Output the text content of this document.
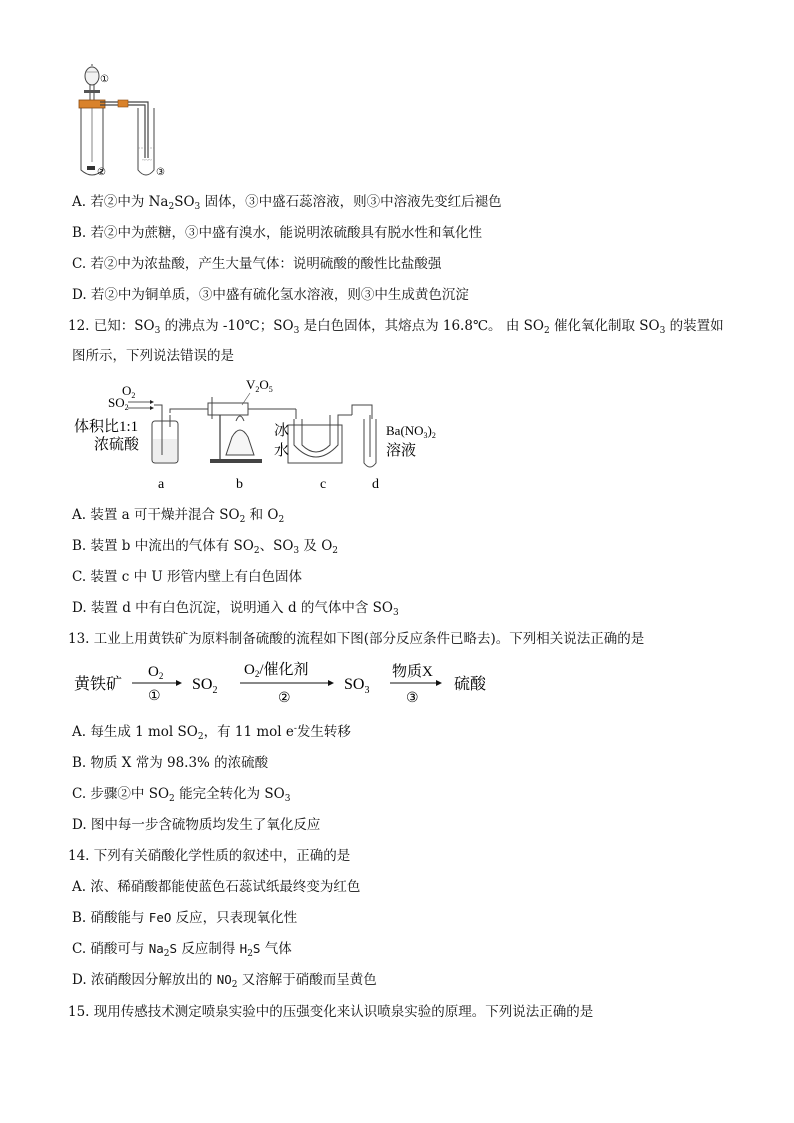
~~~
①
②	③
A. 若②中为 $Na_2SO_3$ 固体，③中盛石蕊溶液，则③中溶液先变红后褪色
B. 若②中为蔗糖，③中盛有溴水，能说明浓硫酸具有脱水性和氧化性
C. 若②中为浓盐酸，产生大量气体：说明硫酸的酸性比盐酸强
D. 若②中为铜单质，③中盛有硫化氢水溶液，则③中生成黄色沉淀
12. 已知：$SO_3$ 的沸点为 -10℃；$SO_3$ 是白色固体，其熔点为 16.8℃。 由 $SO_2$ 催化氧化制取 $SO_3$ 的装置如
图所示，下列说法错误的是
$O_2$
$SO_2$
体积比1:1
浓硫酸
$V_2O_5$
冰
水
$Ba(NO_3)_2$
溶液
a	b	c	d
A. 装置 a 可干燥并混合 $SO_2$ 和 $O_2$
B. 装置 b 中流出的气体有 $SO_2$、$SO_3$ 及 $O_2$
C. 装置 c 中 U 形管内壁上有白色固体
D. 装置 d 中有白色沉淀，说明通入 d 的气体中含 $SO_3$
13. 工业上用黄铁矿为原料制备硫酸的流程如下图(部分反应条件已略去)。下列相关说法正确的是
黄铁矿
$O_2$
①
$SO_2$
$O_2/$催化剂
②
$SO_3$
物质X
③
硫酸
A. 每生成 1 mol $SO_2$，有 11 mol e-发生转移
B. 物质 X 常为 98.3% 的浓硫酸
C. 步骤②中 $SO_2$ 能完全转化为 $SO_3$
D. 图中每一步含硫物质均发生了氧化反应
14. 下列有关硝酸化学性质的叙述中，正确的是
A. 浓、稀硝酸都能使蓝色石蕊试纸最终变为红色
B. 硝酸能与 FeO 反应，只表现氧化性
C. 硝酸可与 $Na_2S$ 反应制得 $H_2S$ 气体
D. 浓硝酸因分解放出的 $NO_2$ 又溶解于硝酸而呈黄色
15. 现用传感技术测定喷泉实验中的压强变化来认识喷泉实验的原理。下列说法正确的是
